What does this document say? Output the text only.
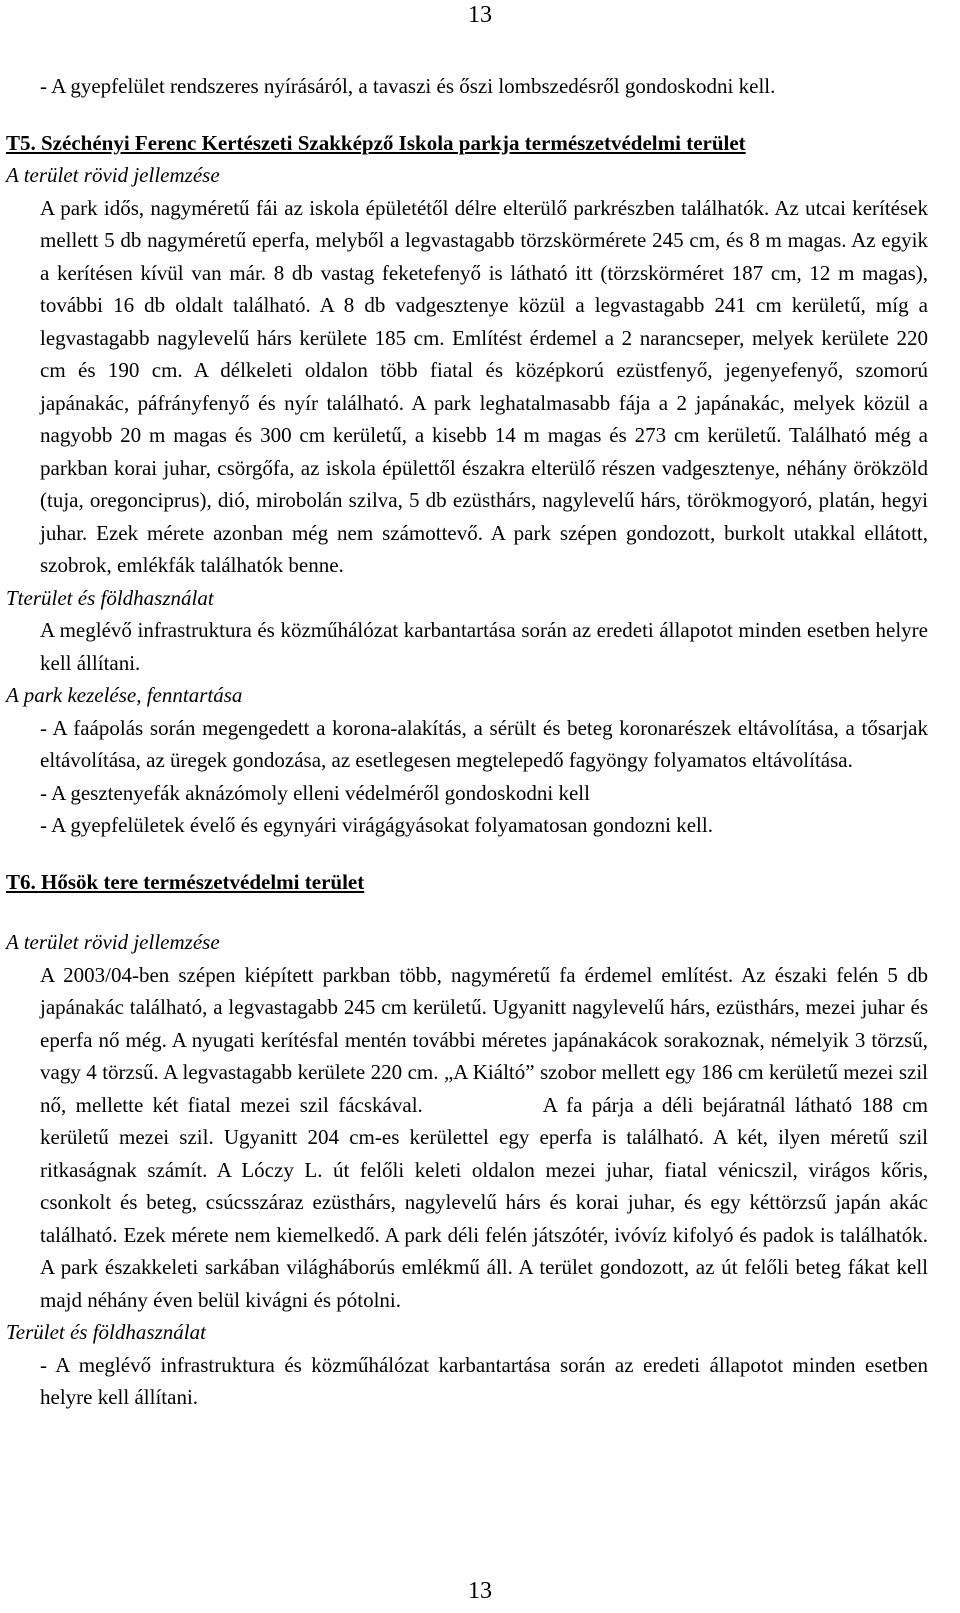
13

- A gyepfelület rendszeres nyírásáról, a tavaszi és őszi lombszedésről gondoskodni kell.

T5. Széchényi Ferenc Kertészeti Szakképző Iskola parkja természetvédelmi terület

A terület rövid jellemzése

A park idős, nagyméretű fái az iskola épületétől délre elterülő parkrészben találhatók. Az utcai kerítések mellett 5 db nagyméretű eperfa, melyből a legvastagabb törzskörmérete 245 cm, és 8 m magas. Az egyik a kerítésen kívül van már. 8 db vastag feketefenyő is látható itt (törzskörméret 187 cm, 12 m magas), további 16 db oldalt található. A 8 db vadgesztenye közül a legvastagabb 241 cm kerületű, míg a legvastagabb nagylevelű hárs kerülete 185 cm. Említést érdemel a 2 narancseper, melyek kerülete 220 cm és 190 cm. A délkeleti oldalon több fiatal és középkorú ezüstfenyő, jegenyefenyő, szomorú japánakác, páfrányfenyő és nyír található. A park leghatalmasabb fája a 2 japánakác, melyek közül a nagyobb 20 m magas és 300 cm kerületű, a kisebb 14 m magas és 273 cm kerületű. Található még a parkban korai juhar, csörgőfa, az iskola épülettől északra elterülő részen vadgesztenye, néhány örökzöld (tuja, oregonciprus), dió, mirobolán szilva, 5 db ezüsthárs, nagylevelű hárs, törökmogyoró, platán, hegyi juhar. Ezek mérete azonban még nem számottevő. A park szépen gondozott, burkolt utakkal ellátott, szobrok, emlékfák találhatók benne.

Tterület és földhasználat

A meglévő infrastruktura és közműhálózat karbantartása során az eredeti állapotot minden esetben helyre kell állítani.

A park kezelése, fenntartása

- A faápolás során megengedett a korona-alakítás, a sérült és beteg koronarészek eltávolítása, a tősarjak eltávolítása, az üregek gondozása, az esetlegesen megtelepedő fagyöngy folyamatos eltávolítása.

- A gesztenyefák aknázómoly elleni védelméről gondoskodni kell

- A gyepfelületek évelő és egynyári virágágyásokat folyamatosan gondozni kell.

T6. Hősök tere természetvédelmi terület

A terület rövid jellemzése

A 2003/04-ben szépen kiépített parkban több, nagyméretű fa érdemel említést. Az északi felén 5 db japánakác található, a legvastagabb 245 cm kerületű. Ugyanitt nagylevelű hárs, ezüsthárs, mezei juhar és eperfa nő még. A nyugati kerítésfal mentén további méretes japánakácok sorakoznak, némelyik 3 törzsű, vagy 4 törzsű. A legvastagabb kerülete 220 cm. „A Kiáltó” szobor mellett egy 186 cm kerületű mezei szil nő, mellette két fiatal mezei szil fácskával.	A fa párja a déli bejáratnál látható 188 cm kerületű mezei szil. Ugyanitt 204 cm-es kerülettel egy eperfa is található. A két, ilyen méretű szil ritkaságnak számít. A Lóczy L. út felőli keleti oldalon mezei juhar, fiatal vénicszil, virágos kőris, csonkolt és beteg, csúcsszáraz ezüsthárs, nagylevelű hárs és korai juhar, és egy kéttörzsű japán akác található. Ezek mérete nem kiemelkedő. A park déli felén játszótér, ivóvíz kifolyó és padok is találhatók. A park északkeleti sarkában világháborús emlékmű áll. A terület gondozott, az út felőli beteg fákat kell majd néhány éven belül kivágni és pótolni.

Terület és földhasználat

- A meglévő infrastruktura és közműhálózat karbantartása során az eredeti állapotot minden esetben helyre kell állítani.

13
